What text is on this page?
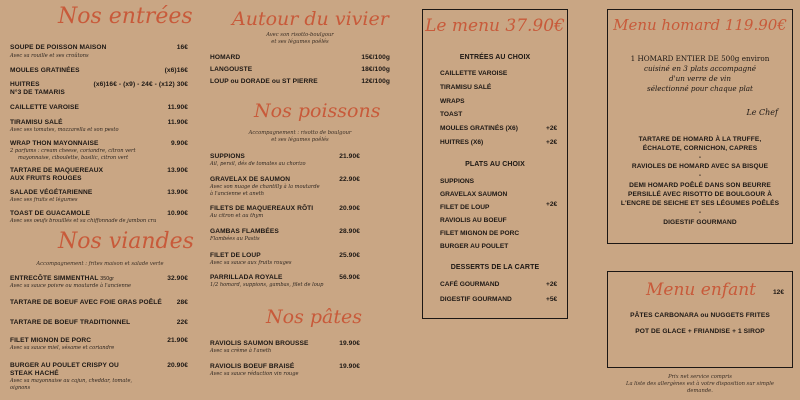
Nos entrées
SOUPE DE POISSON MAISON	16€
Avec sa rouille et ses croûtons
MOULES GRATINÉES	(x6)16€
HUITRES	(x6)16€ - (x9) - 24€ - (x12) 30€
N°3 DE TAMARIS
CAILLETTE VAROISE	11.90€
TIRAMISU SALÉ	11.90€
Avec ses tomates, mozzarella et son pesto
WRAP THON MAYONNAISE	9.90€
2 parfums : cream cheese, coriandre, citron vert
mayonnaise, ciboulette, basilic, citron vert
TARTARE DE MAQUEREAUX	13.90€
AUX FRUITS ROUGES
SALADE VÉGÉTARIENNE	13.90€
Avec ses fruits et légumes
TOAST DE GUACAMOLE	10.90€
Avec ses oeufs brouillés et sa chiffonnade de jambon cru
Nos viandes
Accompagnement : frites maison et salade verte
ENTRECÔTE SIMMENTHAL 350gr	32.90€
Avec sa sauce poivre ou moutarde à l'ancienne
TARTARE DE BOEUF AVEC FOIE GRAS POÊLÉ 28€
TARTARE DE BOEUF TRADITIONNEL	22€
FILET MIGNON DE PORC	21.90€
Avec sa sauce miel, sésame et coriandre
BURGER AU POULET CRISPY OU	20.90€
STEAK HACHÉ
Avec sa mayonnaise au cajun, cheddar, tomate,
oignons
Autour du vivier
Avec son risotto-boulgour
et ses légumes poêlés
HOMARD	15€/100g
LANGOUSTE	18€/100g
LOUP ou DORADE ou ST PIERRE	12€/100g
Nos poissons
Accompagnement : risotto de boulgour
et ses légumes poêlés
SUPPIONS	21.90€
Ail, persil, dés de tomates au chorizo
GRAVELAX DE SAUMON	22.90€
Avec son nuage de chantilly à la moutarde
à l'ancienne et aneth
FILETS DE MAQUEREAUX RÔTI	20.90€
Au citron et au thym
GAMBAS FLAMBÉES	28.90€
Flambées au Pastis
FILET DE LOUP	25.90€
Avec sa sauce aux fruits rouges
PARRILLADA ROYALE	56.90€
1/2 homard, suppions, gambas, filet de loup
Nos pâtes
RAVIOLIS SAUMON BROUSSE	19.90€
Avec sa crème à l'aneth
RAVIOLIS BOEUF BRAISÉ	19.90€
Avec sa sauce réduction vin rouge
Le menu 37.90€
ENTRÉES AU CHOIX
CAILLETTE VAROISE
TIRAMISU SALÉ
WRAPS
TOAST
MOULES GRATINÉS (X6)	+2€
HUITRES (X6)	+2€
PLATS AU CHOIX
SUPPIONS
GRAVELAX SAUMON
FILET DE LOUP	+2€
RAVIOLIS AU BOEUF
FILET MIGNON DE PORC
BURGER AU POULET
DESSERTS DE LA CARTE
CAFÉ GOURMAND	+2€
DIGESTIF GOURMAND	+5€
Menu homard 119.90€
1 HOMARD ENTIER DE 500g environ
cuisiné en 3 plats accompagné
d'un verre de vin
sélectionné pour chaque plat
Le Chef
TARTARE DE HOMARD À LA TRUFFE,
ÉCHALOTE, CORNICHON, CAPRES
-
RAVIOLES DE HOMARD AVEC SA BISQUE
-
DEMI HOMARD POÊLÉ DANS SON BEURRE
PERSILLÉ AVEC RISOTTO DE BOULGOUR À
L'ENCRE DE SEICHE ET SES LÉGUMES POÊLÉS
-
DIGESTIF GOURMAND
Menu enfant	12€
PÂTES CARBONARA ou NUGGETS FRITES
POT DE GLACE + FRIANDISE + 1 SIROP
Prix net service compris
La liste des allergènes est à votre disposition sur simple
demande.
